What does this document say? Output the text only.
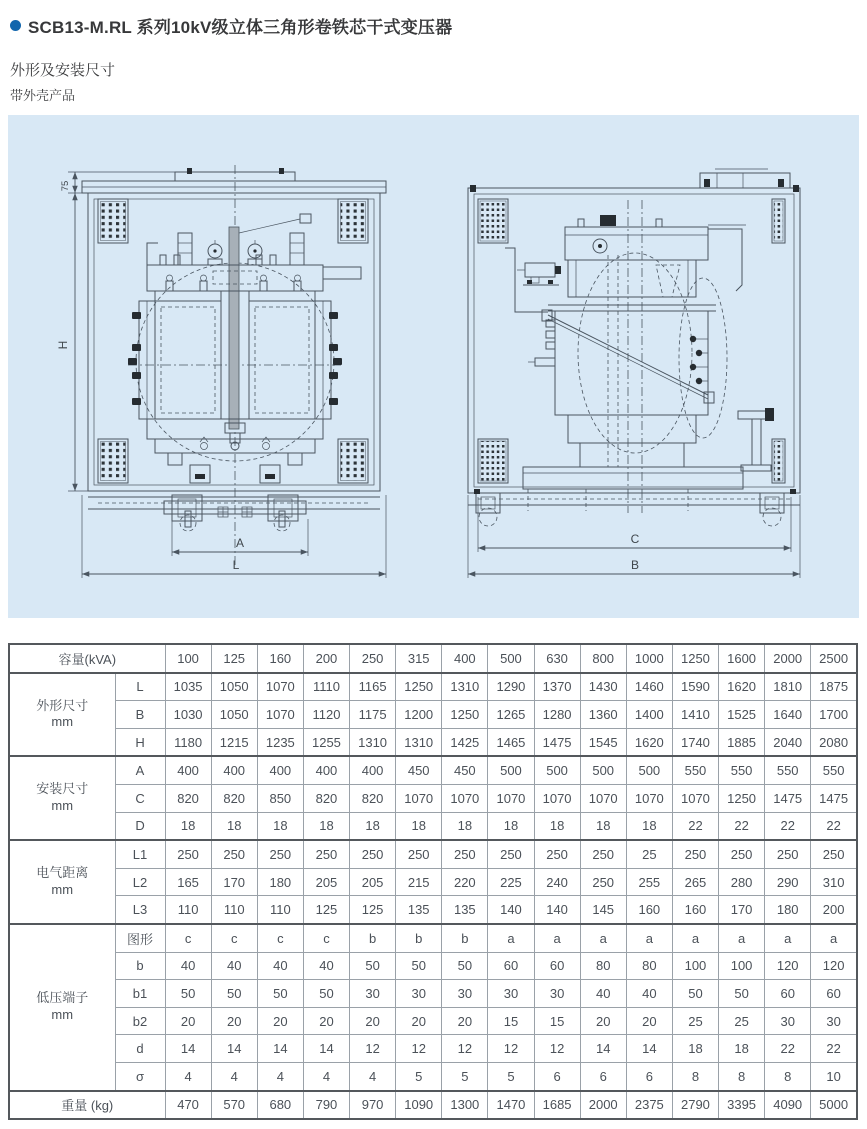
SCB13-M.RL 系列10kV级立体三角形卷铁芯干式变压器
外形及安装尺寸
带外壳产品
75
H
A
L
C
B
容量(kVA)		100	125	160	200	250	315	400	500	630	800	1000	1250	1600	2000	2500

外形尺寸
mm	L	1035	1050	1070	1110	1165	1250	1310	1290	1370	1430	1460	1590	1620	1810	1875
	B	1030	1050	1070	1120	1175	1200	1250	1265	1280	1360	1400	1410	1525	1640	1700
	H	1180	1215	1235	1255	1310	1310	1425	1465	1475	1545	1620	1740	1885	2040	2080

安装尺寸
mm	A	400	400	400	400	400	450	450	500	500	500	500	550	550	550	550
	C	820	820	850	820	820	1070	1070	1070	1070	1070	1070	1070	1250	1475	1475
	D	18	18	18	18	18	18	18	18	18	18	18	22	22	22	22

电气距离
mm	L1	250	250	250	250	250	250	250	250	250	250	25	250	250	250	250
	L2	165	170	180	205	205	215	220	225	240	250	255	265	280	290	310
	L3	110	110	110	125	125	135	135	140	140	145	160	160	170	180	200

低压端子
mm	图形	c	c	c	c	b	b	b	a	a	a	a	a	a	a	a
	b	40	40	40	40	50	50	50	60	60	80	80	100	100	120	120
	b1	50	50	50	50	30	30	30	30	30	40	40	50	50	60	60
	b2	20	20	20	20	20	20	20	15	15	20	20	25	25	30	30
	d	14	14	14	14	12	12	12	12	12	14	14	18	18	22	22
	σ	4	4	4	4	4	5	5	5	6	6	6	8	8	8	10
重量 (kg)		470	570	680	790	970	1090	1300	1470	1685	2000	2375	2790	3395	4090	5000
